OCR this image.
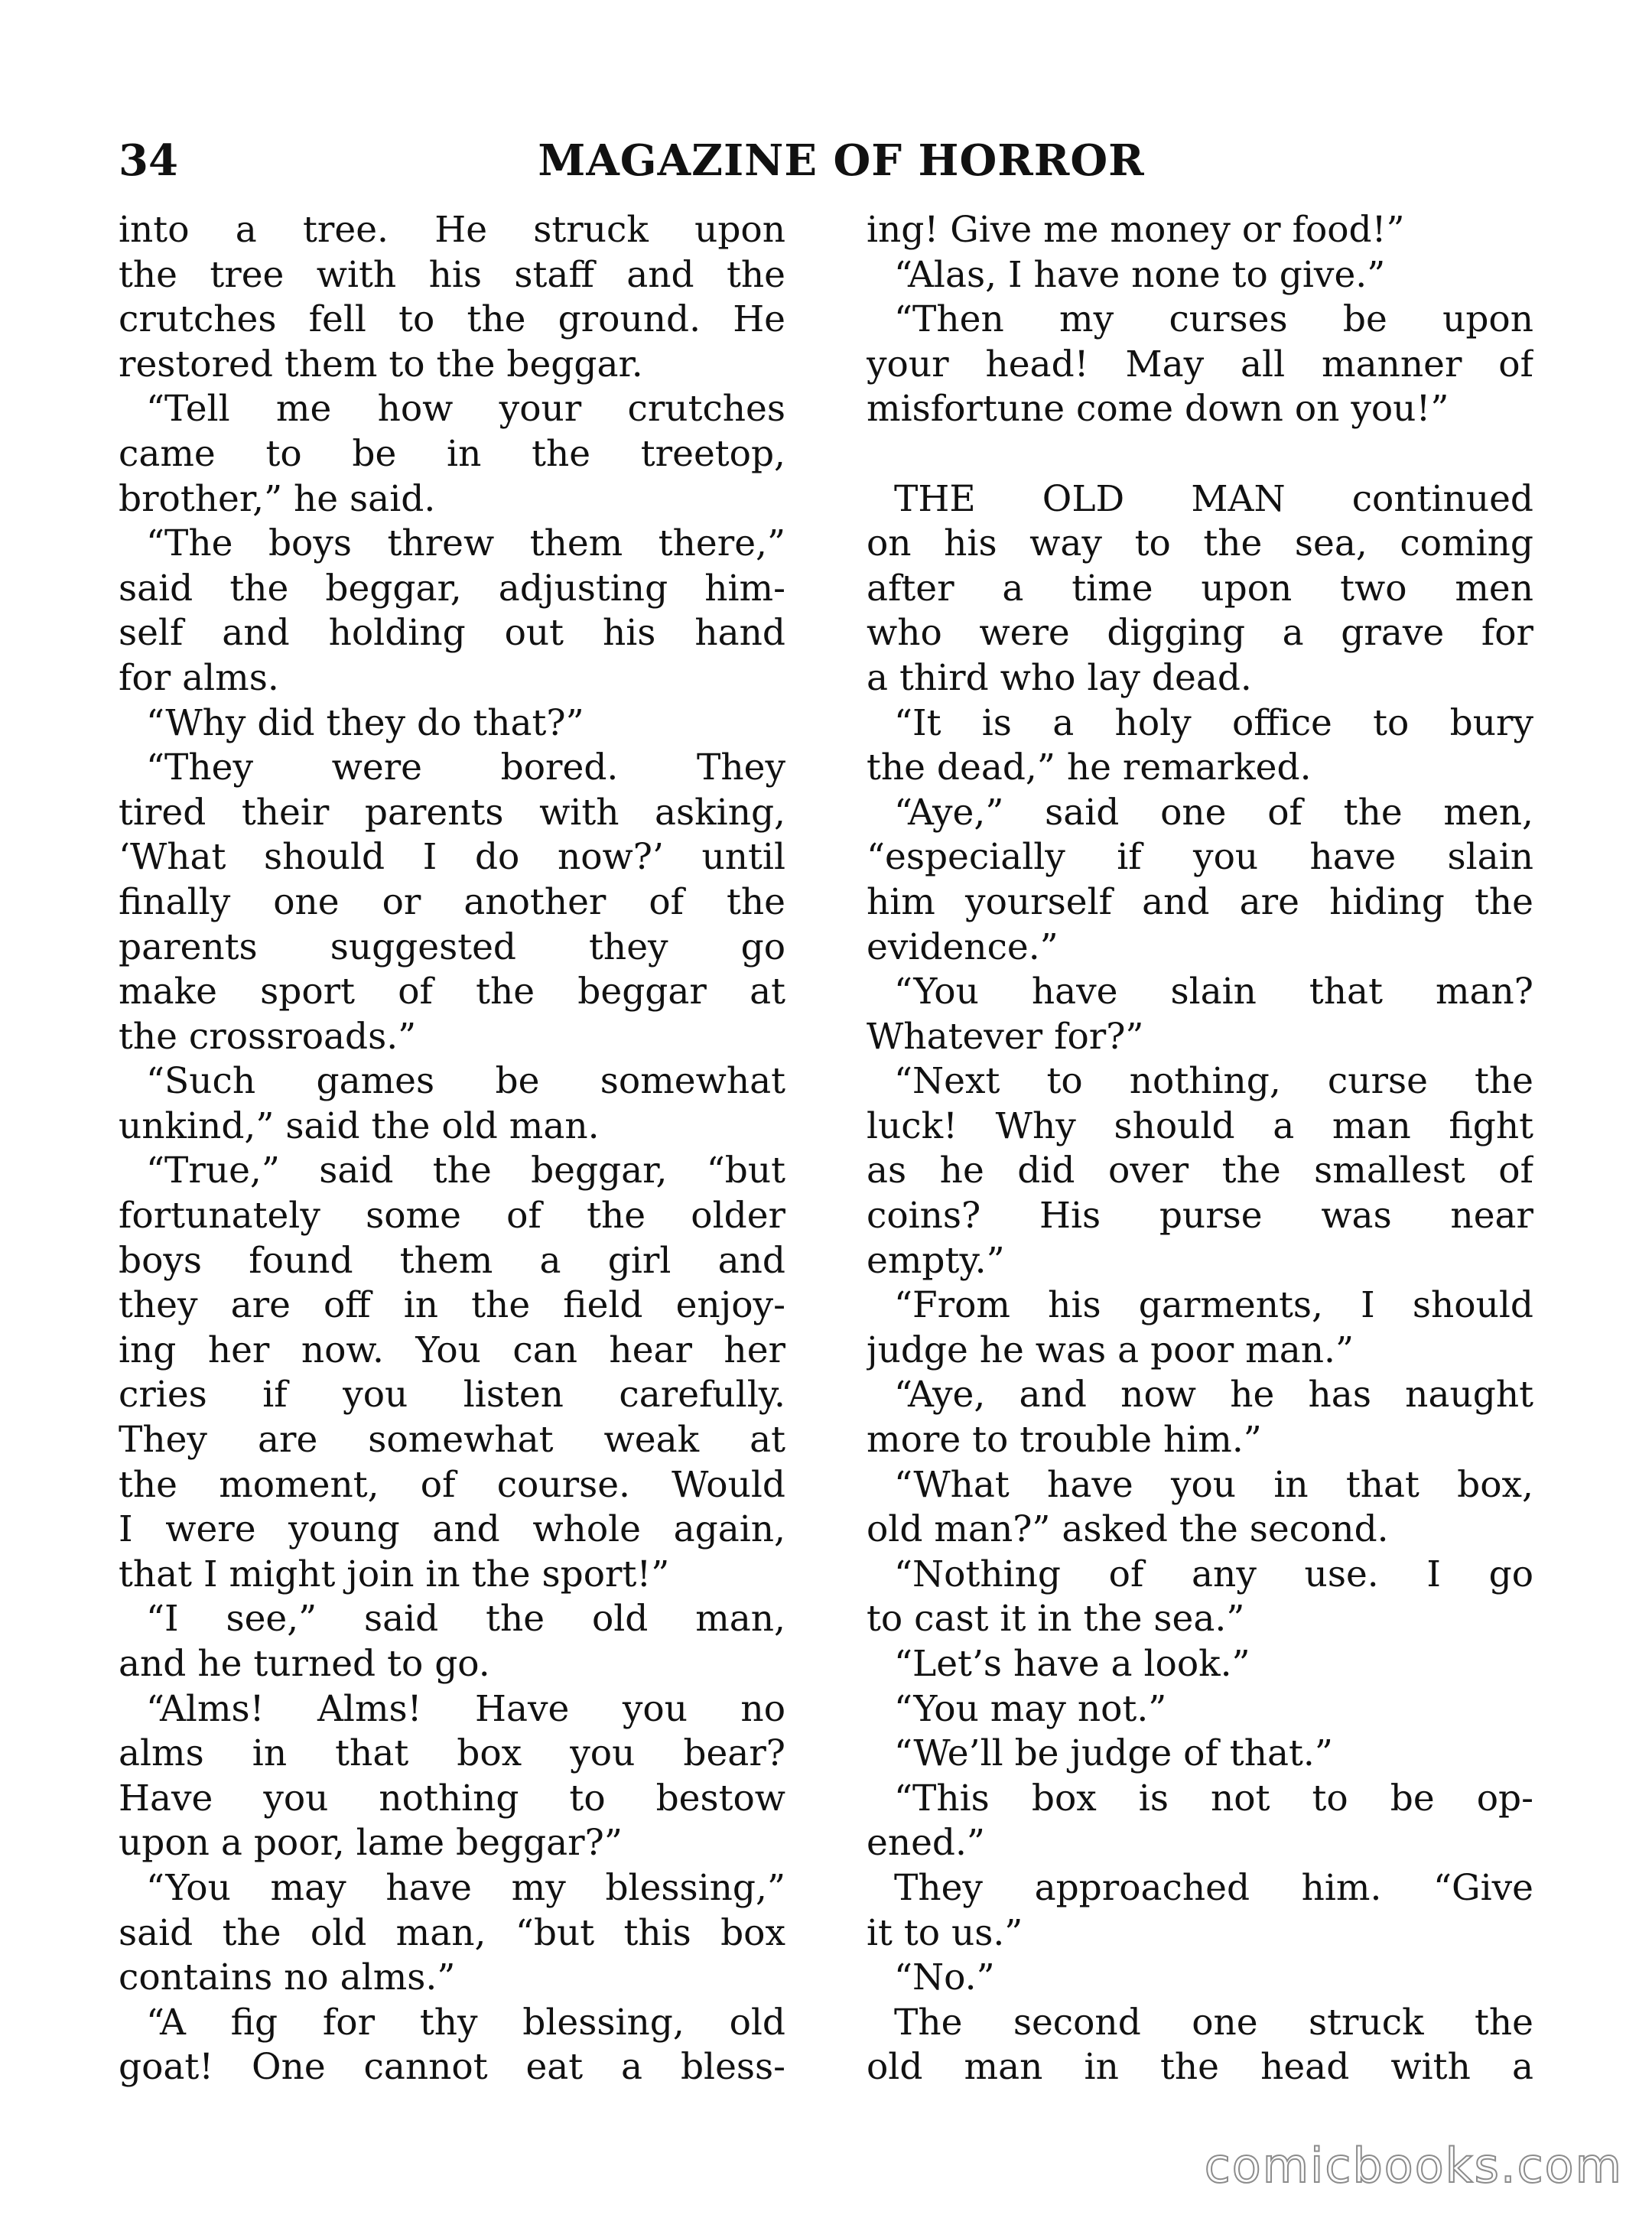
34	MAGAZINE OF HORROR
into a tree. He struck upon
the tree with his staff and the
crutches fell to the ground. He
restored them to the beggar.
“Tell me how your crutches
came to be in the treetop,
brother,” he said.
“The boys threw them there,”
said the beggar, adjusting him-
self and holding out his hand
for alms.
“Why did they do that?”
“They were bored. They
tired their parents with asking,
‘What should I do now?’ until
finally one or another of the
parents suggested they go
make sport of the beggar at
the crossroads.”
“Such games be somewhat
unkind,” said the old man.
“True,” said the beggar, “but
fortunately some of the older
boys found them a girl and
they are off in the field enjoy-
ing her now. You can hear her
cries if you listen carefully.
They are somewhat weak at
the moment, of course. Would
I were young and whole again,
that I might join in the sport!”
“I see,” said the old man,
and he turned to go.
“Alms! Alms! Have you no
alms in that box you bear?
Have you nothing to bestow
upon a poor, lame beggar?”
“You may have my blessing,”
said the old man, “but this box
contains no alms.”
“A fig for thy blessing, old
goat! One cannot eat a bless-
ing! Give me money or food!”
“Alas, I have none to give.”
“Then my curses be upon
your head! May all manner of
misfortune come down on you!”
THE OLD MAN continued
on his way to the sea, coming
after a time upon two men
who were digging a grave for
a third who lay dead.
“It is a holy office to bury
the dead,” he remarked.
“Aye,” said one of the men,
“especially if you have slain
him yourself and are hiding the
evidence.”
“You have slain that man?
Whatever for?”
“Next to nothing, curse the
luck! Why should a man fight
as he did over the smallest of
coins? His purse was near
empty.”
“From his garments, I should
judge he was a poor man.”
“Aye, and now he has naught
more to trouble him.”
“What have you in that box,
old man?” asked the second.
“Nothing of any use. I go
to cast it in the sea.”
“Let’s have a look.”
“You may not.”
“We’ll be judge of that.”
“This box is not to be op-
ened.”
They approached him. “Give
it to us.”
“No.”
The second one struck the
old man in the head with a
comicbooks.com
